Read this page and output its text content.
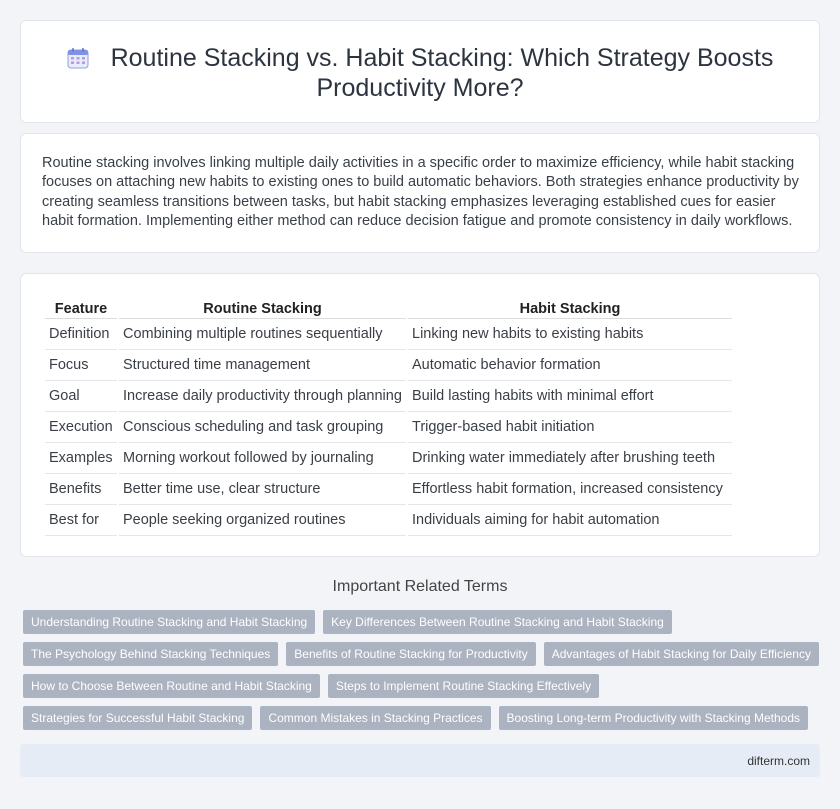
Routine Stacking vs. Habit Stacking: Which Strategy Boosts Productivity More?

Routine stacking involves linking multiple daily activities in a specific order to maximize efficiency, while habit stacking focuses on attaching new habits to existing ones to build automatic behaviors. Both strategies enhance productivity by creating seamless transitions between tasks, but habit stacking emphasizes leveraging established cues for easier habit formation. Implementing either method can reduce decision fatigue and promote consistency in daily workflows.

Feature	Routine Stacking	Habit Stacking
Definition	Combining multiple routines sequentially	Linking new habits to existing habits
Focus	Structured time management	Automatic behavior formation
Goal	Increase daily productivity through planning	Build lasting habits with minimal effort
Execution	Conscious scheduling and task grouping	Trigger-based habit initiation
Examples	Morning workout followed by journaling	Drinking water immediately after brushing teeth
Benefits	Better time use, clear structure	Effortless habit formation, increased consistency
Best for	People seeking organized routines	Individuals aiming for habit automation
Important Related Terms
Understanding Routine Stacking and Habit Stacking	Key Differences Between Routine Stacking and Habit Stacking
The Psychology Behind Stacking Techniques	Benefits of Routine Stacking for Productivity	Advantages of Habit Stacking for Daily Efficiency
How to Choose Between Routine and Habit Stacking	Steps to Implement Routine Stacking Effectively
Strategies for Successful Habit Stacking	Common Mistakes in Stacking Practices	Boosting Long-term Productivity with Stacking Methods
difterm.com
